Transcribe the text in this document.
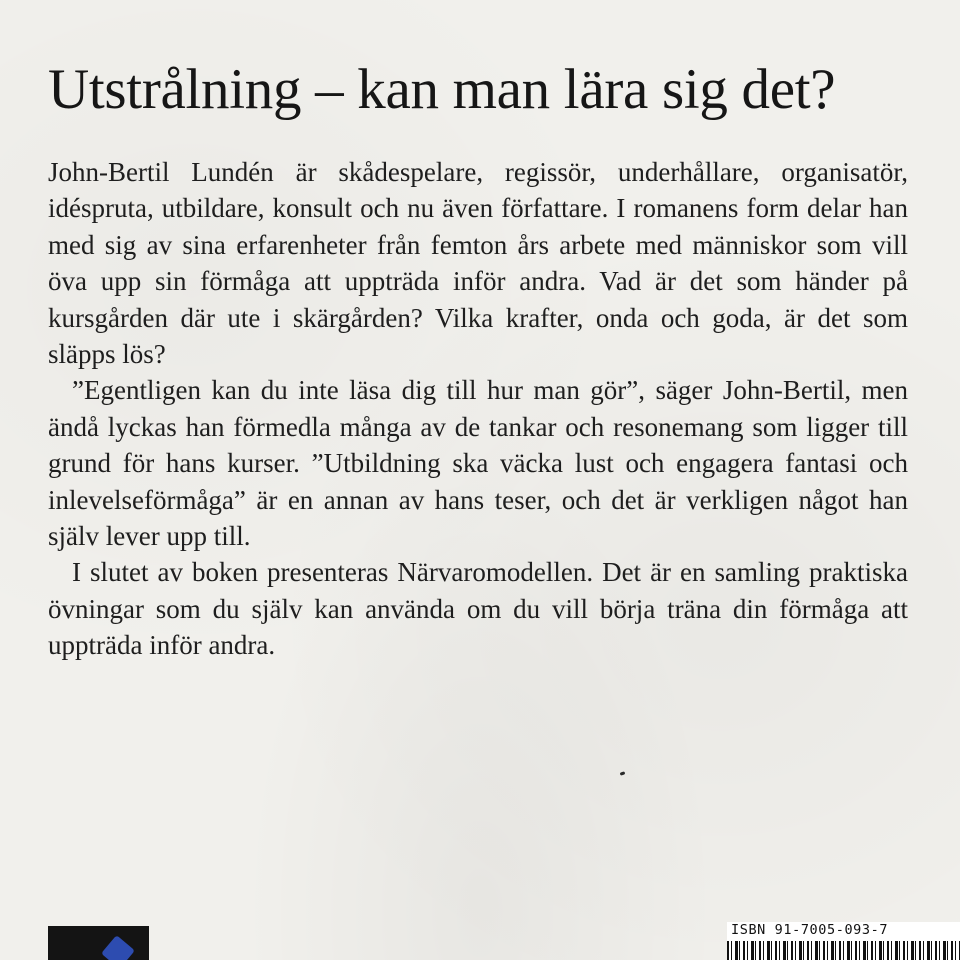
Utstrålning – kan man lära sig det?

John-Bertil Lundén är skådespelare, regissör, underhållare, organisatör, idéspruta, utbildare, konsult och nu även författare. I romanens form delar han med sig av sina erfarenheter från femton års arbete med människor som vill öva upp sin förmåga att uppträda inför andra. Vad är det som händer på kursgården där ute i skärgården? Vilka krafter, onda och goda, är det som släpps lös?

”Egentligen kan du inte läsa dig till hur man gör”, säger John-Bertil, men ändå lyckas han förmedla många av de tankar och resonemang som ligger till grund för hans kurser. ”Utbildning ska väcka lust och engagera fantasi och inlevelseförmåga” är en annan av hans teser, och det är verkligen något han själv lever upp till.

I slutet av boken presenteras Närvaromodellen. Det är en samling praktiska övningar som du själv kan använda om du vill börja träna din förmåga att uppträda inför andra.

ISBN 91-7005-093-7
